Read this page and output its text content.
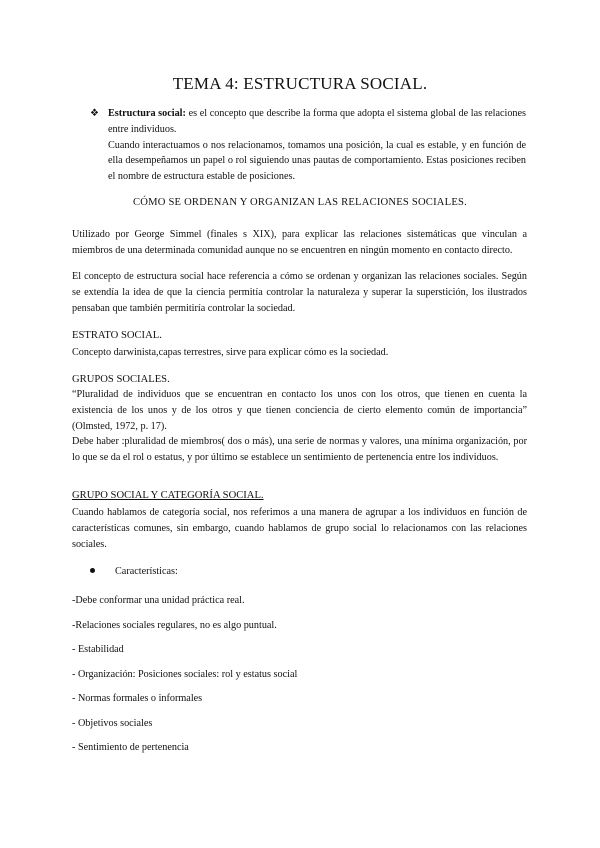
TEMA 4: ESTRUCTURA SOCIAL.
❖ Estructura social: es el concepto que describe la forma que adopta el sistema global de las relaciones entre individuos.
Cuando interactuamos o nos relacionamos, tomamos una posición, la cual es estable, y en función de ella desempeñamos un papel o rol siguiendo unas pautas de comportamiento. Estas posiciones reciben el nombre de estructura estable de posiciones.
CÓMO SE ORDENAN Y ORGANIZAN LAS RELACIONES SOCIALES.
Utilizado por George Simmel (finales s XIX), para explicar las relaciones sistemáticas que vinculan a miembros de una determinada comunidad aunque no se encuentren en ningún momento en contacto directo.
El concepto de estructura social hace referencia a cómo se ordenan y organizan las relaciones sociales. Según se extendía la idea de que la ciencia permitía controlar la naturaleza y superar la superstición, los ilustrados pensaban que también permitiría controlar la sociedad.
ESTRATO SOCIAL.
Concepto darwinista,capas terrestres, sirve para explicar cómo es la sociedad.
GRUPOS SOCIALES.
“Pluralidad de individuos que se encuentran en contacto los unos con los otros, que tienen en cuenta la existencia de los unos y de los otros y que tienen conciencia de cierto elemento común de importancia” (Olmsted, 1972, p. 17).
Debe haber :pluralidad de miembros( dos o más), una serie de normas y valores, una mínima organización, por lo que se da el rol o estatus, y por último se establece un sentimiento de pertenencia entre los individuos.
GRUPO SOCIAL Y CATEGORÍA SOCIAL.
Cuando hablamos de categoría social, nos referimos a una manera de agrupar a los individuos en función de características comunes, sin embargo, cuando hablamos de grupo social lo relacionamos con las relaciones sociales.
Características:
-Debe conformar una unidad práctica real.
-Relaciones sociales regulares, no es algo puntual.
- Estabilidad
- Organización: Posiciones sociales: rol y estatus social
- Normas formales o informales
- Objetivos sociales
- Sentimiento de pertenencia
